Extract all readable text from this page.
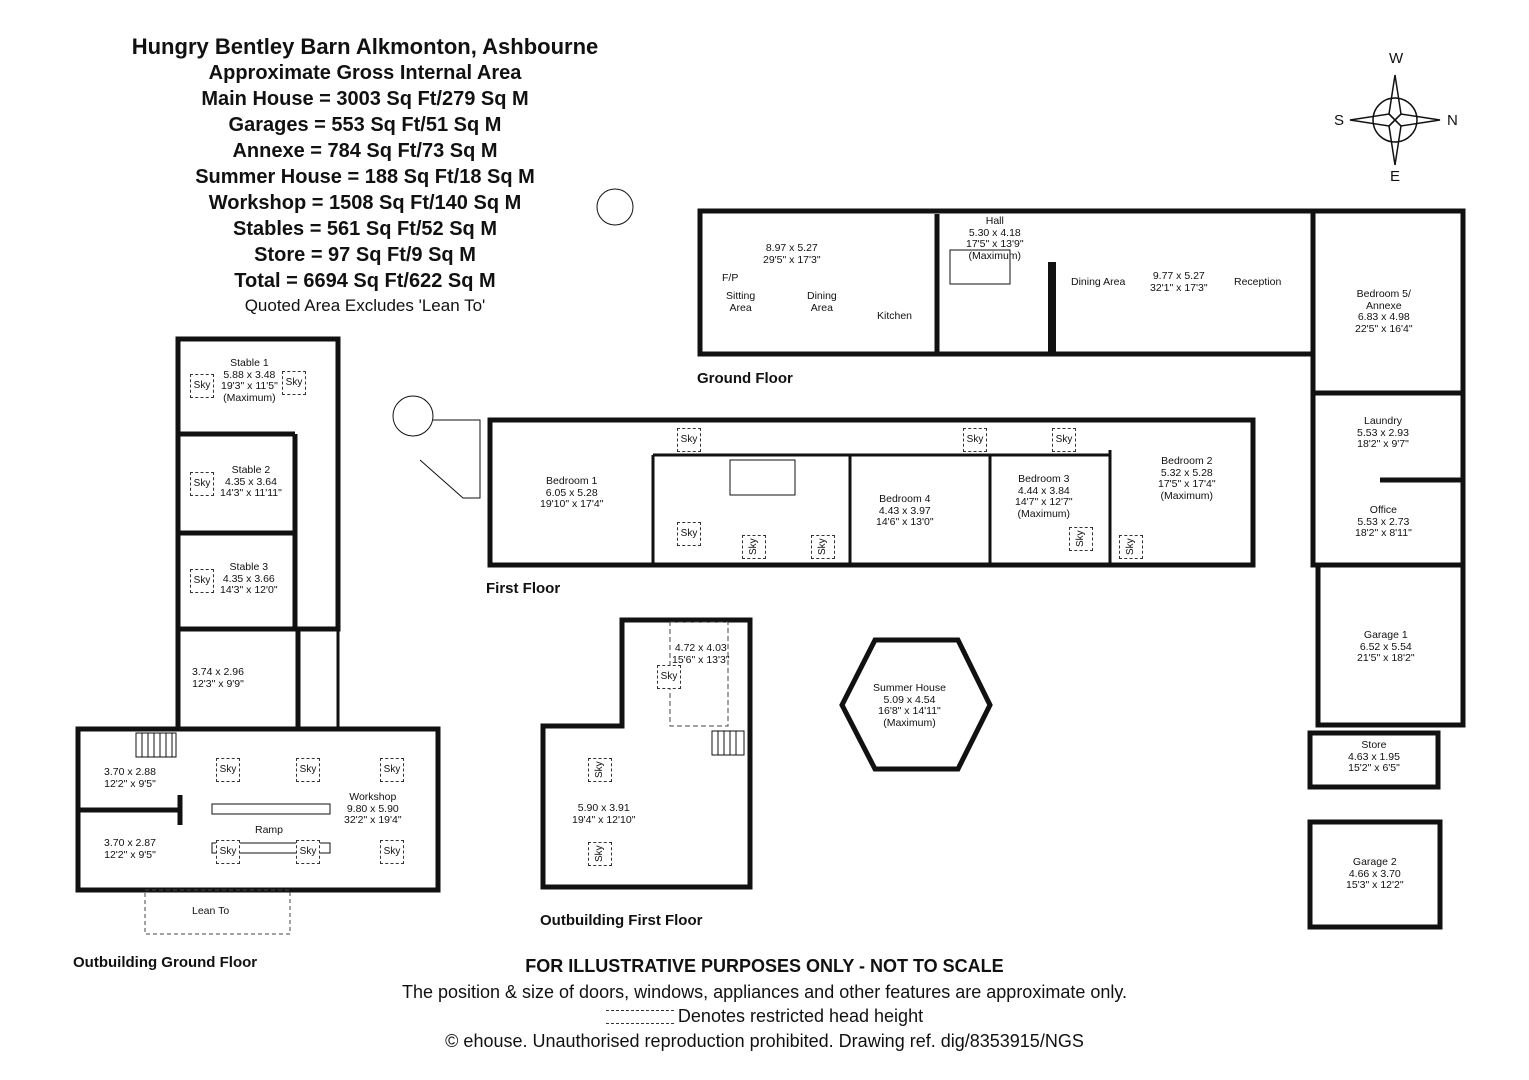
Hungry Bentley Barn Alkmonton, Ashbourne

Approximate Gross Internal Area

Main House = 3003 Sq Ft/279 Sq M

Garages = 553 Sq Ft/51 Sq M

Annexe = 784 Sq Ft/73 Sq M

Summer House = 188 Sq Ft/18 Sq M

Workshop = 1508 Sq Ft/140 Sq M

Stables = 561 Sq Ft/52 Sq M

Store = 97 Sq Ft/9 Sq M

Total = 6694 Sq Ft/622 Sq M

Quoted Area Excludes 'Lean To'

W
S	N
E
Ground Floor
First Floor
Outbuilding First Floor
Outbuilding Ground Floor
8.97 x 5.27
29'5" x 17'3"
F/P
Sitting
Area
Dining
Area
Kitchen
Hall
5.30 x 4.18
17'5" x 13'9"
(Maximum)
Dining Area	9.77 x 5.27
32'1" x 17'3"	Reception
Bedroom 5/
Annexe
6.83 x 4.98
22'5" x 16'4"
Laundry
5.53 x 2.93
18'2" x 9'7"
Office
5.53 x 2.73
18'2" x 8'11"
Garage 1
6.52 x 5.54
21'5" x 18'2"
Store
4.63 x 1.95
15'2" x 6'5"
Garage 2
4.66 x 3.70
15'3" x 12'2"
Bedroom 1
6.05 x 5.28
19'10" x 17'4"	Bedroom 4
4.43 x 3.97
14'6" x 13'0"
Bedroom 3
4.44 x 3.84
14'7" x 12'7"
(Maximum)
Bedroom 2
5.32 x 5.28
17'5" x 17'4"
(Maximum)
Sky	Sky	Sky
Sky
Sky	Sky	Sky	Sky
Stable 1
5.88 x 3.48
19'3" x 11'5"
(Maximum)
Stable 2
4.35 x 3.64
14'3" x 11'11"
Stable 3
4.35 x 3.66
14'3" x 12'0"
3.74 x 2.96
12'3" x 9'9"
Sky	Sky
Sky
Sky
3.70 x 2.88
12'2" x 9'5"
3.70 x 2.87
12'2" x 9'5"
Workshop
9.80 x 5.90
32'2" x 19'4"
Ramp
Lean To
Sky	Sky	Sky
Sky	Sky	Sky
4.72 x 4.03
15'6" x 13'3"
5.90 x 3.91
19'4" x 12'10"
Sky
Sky
Sky
Summer House
5.09 x 4.54
16'8" x 14'11"
(Maximum)
FOR ILLUSTRATIVE PURPOSES ONLY - NOT TO SCALE
The position & size of doors, windows, appliances and other features are approximate only.
Denotes restricted head height
© ehouse. Unauthorised reproduction prohibited. Drawing ref. dig/8353915/NGS
